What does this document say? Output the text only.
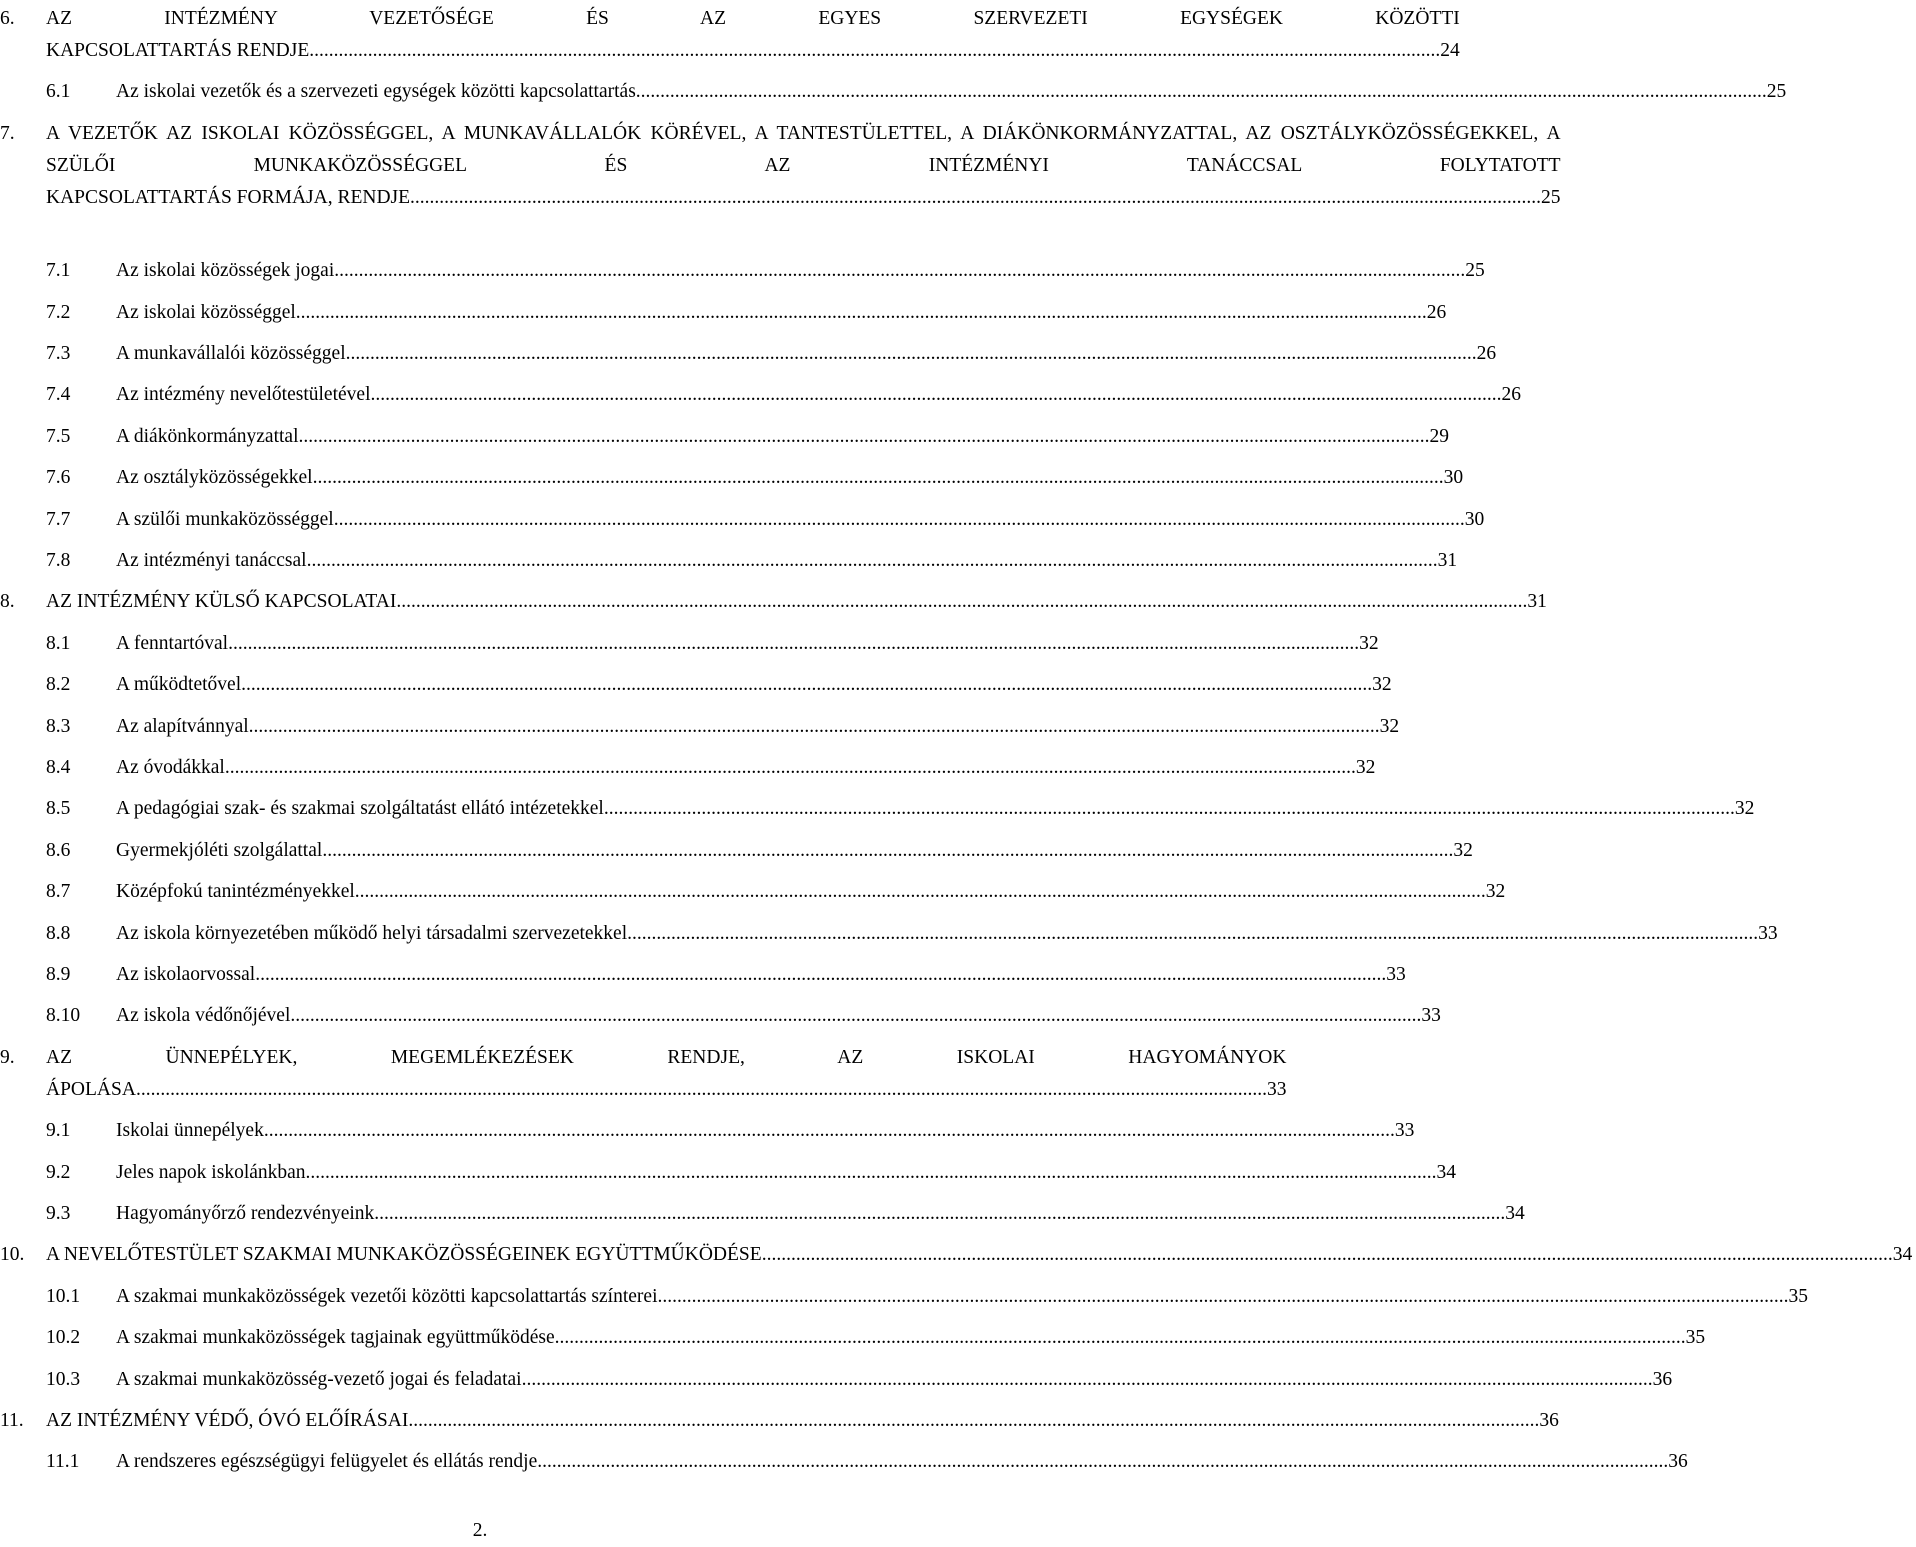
6.	AZ INTÉZMÉNY VEZETŐSÉGE ÉS AZ EGYES SZERVEZETI EGYSÉGEK KÖZÖTTI
KAPCSOLATTARTÁS RENDJE .....	24
6.1	Az iskolai vezetők és a szervezeti egységek közötti kapcsolattartás .....	25
7.	A VEZETŐK AZ ISKOLAI KÖZÖSSÉGGEL, A MUNKAVÁLLALÓK KÖRÉVEL, A TANTESTÜLETTEL, A DIÁKÖNKORMÁNYZATTAL, AZ OSZTÁLYKÖZÖSSÉGEKKEL, A SZÜLŐI MUNKAKÖZÖSSÉGGEL ÉS AZ INTÉZMÉNYI TANÁCCSAL FOLYTATOTT
KAPCSOLATTARTÁS FORMÁJA, RENDJE .....	25
7.1	Az iskolai közösségek jogai .....	25
7.2	Az iskolai közösséggel .....	26
7.3	A munkavállalói közösséggel .....	26
7.4	Az intézmény nevelőtestületével .....	26
7.5	A diákönkormányzattal .....	29
7.6	Az osztályközösségekkel .....	30
7.7	A szülői munkaközösséggel .....	30
7.8	Az intézményi tanáccsal .....	31
8.	AZ INTÉZMÉNY KÜLSŐ KAPCSOLATAI .....	31
8.1	A fenntartóval .....	32
8.2	A működtetővel .....	32
8.3	Az alapítvánnyal .....	32
8.4	Az óvodákkal .....	32
8.5	A pedagógiai szak- és szakmai szolgáltatást ellátó intézetekkel .....	32
8.6	Gyermekjóléti szolgálattal .....	32
8.7	Középfokú tanintézményekkel .....	32
8.8	Az iskola környezetében működő helyi társadalmi szervezetekkel .....	33
8.9	Az iskolaorvossal .....	33
8.10	Az iskola védőnőjével .....	33
9.	AZ ÜNNEPÉLYEK, MEGEMLÉKEZÉSEK RENDJE, AZ ISKOLAI HAGYOMÁNYOK
ÁPOLÁSA .....	33
9.1	Iskolai ünnepélyek .....	33
9.2	Jeles napok iskolánkban .....	34
9.3	Hagyományőrző rendezvényeink .....	34
10.	A NEVELŐTESTÜLET SZAKMAI MUNKAKÖZÖSSÉGEINEK EGYÜTTMŰKÖDÉSE .....	34
10.1	A szakmai munkaközösségek vezetői közötti kapcsolattartás színterei .....	35
10.2	A szakmai munkaközösségek tagjainak együttműködése .....	35
10.3	A szakmai munkaközösség-vezető jogai és feladatai .....	36
11.	AZ INTÉZMÉNY VÉDŐ, ÓVÓ ELŐÍRÁSAI .....	36
11.1	A rendszeres egészségügyi felügyelet és ellátás rendje .....	36
2.
